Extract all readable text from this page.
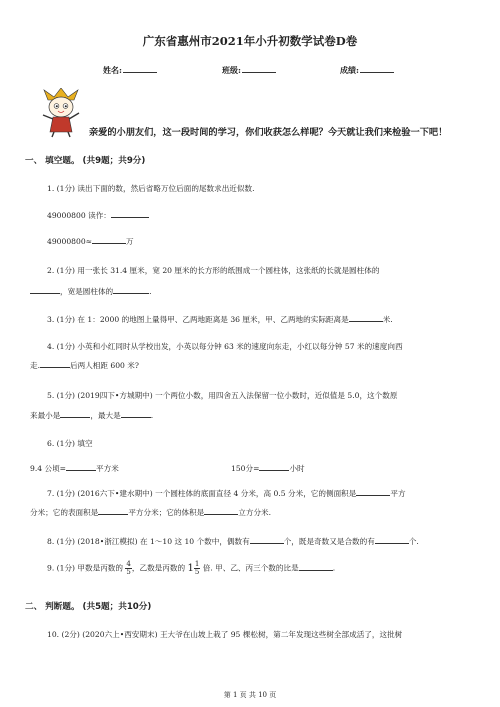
广东省惠州市2021年小升初数学试卷D卷
姓名:	班级:	成绩:
亲爱的小朋友们，这一段时间的学习，你们收获怎么样呢？今天就让我们来检验一下吧！
一、 填空题。 (共9题；共9分)
1. (1分) 读出下面的数，然后省略万位后面的尾数求出近似数.
49000800 读作：
49000800≈	万
2. (1分) 用一张长 31.4 厘米，宽 20 厘米的长方形的纸围成一个圆柱体，这张纸的长就是圆柱体的
，宽是圆柱体的	.
3. (1分) 在 1：2000 的地图上量得甲、乙两地距离是 36 厘米，甲、乙两地的实际距离是	米.
4. (1分) 小英和小红同时从学校出发，小英以每分钟 63 米的速度向东走，小红以每分钟 57 米的速度向西
走.	后两人相距 600 米?
5. (1分) (2019四下•方城期中) 一个两位小数，用四舍五入法保留一位小数时，近似值是 5.0，这个数原
来最小是	，最大是	.
6. (1分) 填空
9.4 公顷=	平方米	150分=	小时
7. (1分) (2016六下•建水期中) 一个圆柱体的底面直径 4 分米，高 0.5 分米，它的侧面积是	平方
分米；它的表面积是	平方分米；它的体积是	立方分米.
8. (1分) (2018•浙江模拟) 在 1～10 这 10 个数中，偶数有	个，既是奇数又是合数的有	个.
9. (1分) 甲数是丙数的 $\frac{4}{5}$ ，乙数是丙数的 $1 \frac{1}{5}$ 倍. 甲、乙、丙三个数的比是	.
二、 判断题。 (共5题；共10分)
10. (2分) (2020六上•西安期末) 王大爷在山坡上栽了 95 棵松树，第二年发现这些树全部成活了，这批树
第 1 页 共 10 页
